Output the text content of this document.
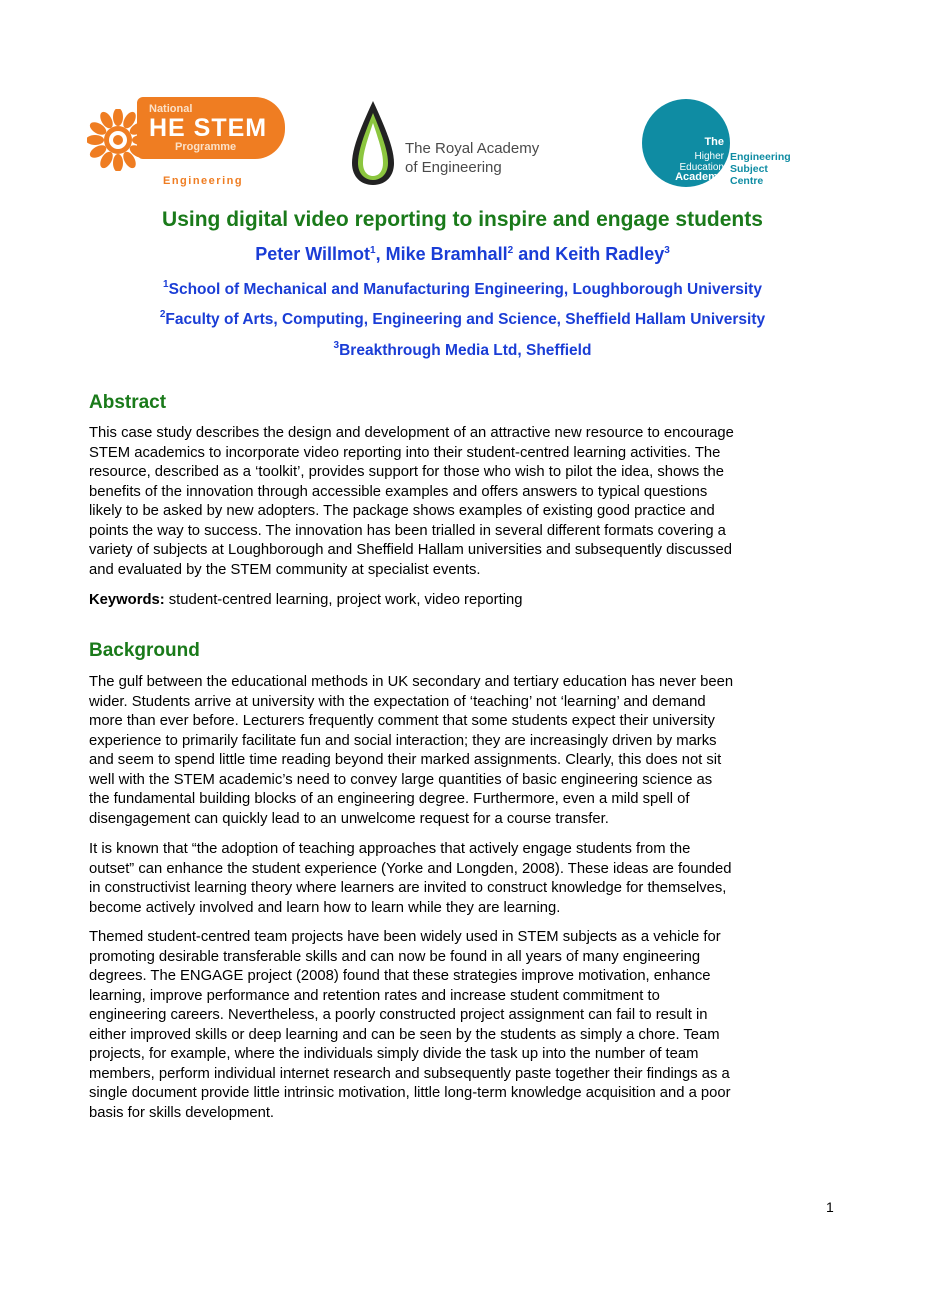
National
HE STEM
Programme
Engineering
The Royal Academy
of Engineering
The
Higher
Education
Academy
Engineering
Subject
Centre
Using digital video reporting to inspire and engage students
Peter Willmot$^1$, Mike Bramhall$^2$ and Keith Radley$^3$
$^1$School of Mechanical and Manufacturing Engineering, Loughborough University
$^2$Faculty of Arts, Computing, Engineering and Science, Sheffield Hallam University
$^3$Breakthrough Media Ltd, Sheffield
Abstract
This case study describes the design and development of an attractive new resource to encourage
STEM academics to incorporate video reporting into their student-centred learning activities. The
resource, described as a ‘toolkit’, provides support for those who wish to pilot the idea, shows the
benefits of the innovation through accessible examples and offers answers to typical questions
likely to be asked by new adopters. The package shows examples of existing good practice and
points the way to success. The innovation has been trialled in several different formats covering a
variety of subjects at Loughborough and Sheffield Hallam universities and subsequently discussed
and evaluated by the STEM community at specialist events.
Keywords: student-centred learning, project work, video reporting
Background
The gulf between the educational methods in UK secondary and tertiary education has never been
wider. Students arrive at university with the expectation of ‘teaching’ not ‘learning’ and demand
more than ever before. Lecturers frequently comment that some students expect their university
experience to primarily facilitate fun and social interaction; they are increasingly driven by marks
and seem to spend little time reading beyond their marked assignments. Clearly, this does not sit
well with the STEM academic’s need to convey large quantities of basic engineering science as
the fundamental building blocks of an engineering degree. Furthermore, even a mild spell of
disengagement can quickly lead to an unwelcome request for a course transfer.
It is known that “the adoption of teaching approaches that actively engage students from the
outset” can enhance the student experience (Yorke and Longden, 2008). These ideas are founded
in constructivist learning theory where learners are invited to construct knowledge for themselves,
become actively involved and learn how to learn while they are learning.
Themed student-centred team projects have been widely used in STEM subjects as a vehicle for
promoting desirable transferable skills and can now be found in all years of many engineering
degrees. The ENGAGE project (2008) found that these strategies improve motivation, enhance
learning, improve performance and retention rates and increase student commitment to
engineering careers. Nevertheless, a poorly constructed project assignment can fail to result in
either improved skills or deep learning and can be seen by the students as simply a chore. Team
projects, for example, where the individuals simply divide the task up into the number of team
members, perform individual internet research and subsequently paste together their findings as a
single document provide little intrinsic motivation, little long-term knowledge acquisition and a poor
basis for skills development.
1
